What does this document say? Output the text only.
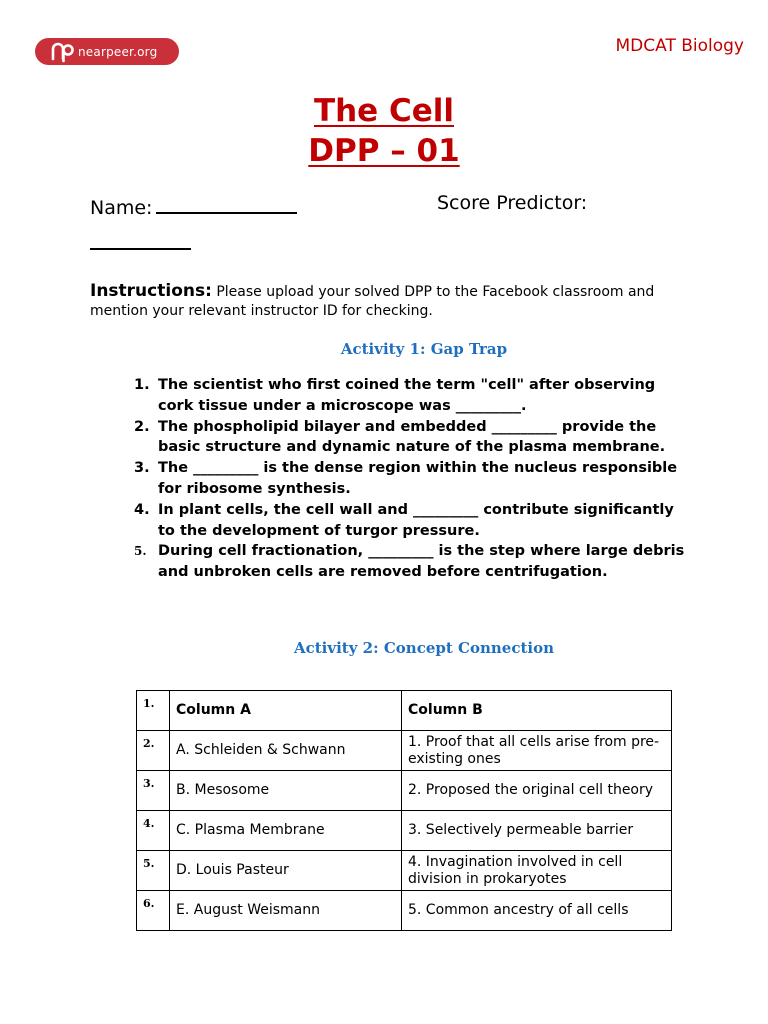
nearpeer.org	MDCAT Biology
The Cell
DPP – 01
Name:	Score Predictor:
Instructions: Please upload your solved DPP to the Facebook classroom and mention your relevant instructor ID for checking.
Activity 1: Gap Trap
1. The scientist who first coined the term "cell" after observing cork tissue under a microscope was _________.
2. The phospholipid bilayer and embedded _________ provide the basic structure and dynamic nature of the plasma membrane.
3. The _________ is the dense region within the nucleus responsible for ribosome synthesis.
4. In plant cells, the cell wall and _________ contribute significantly to the development of turgor pressure.
5. During cell fractionation, _________ is the step where large debris and unbroken cells are removed before centrifugation.
Activity 2: Concept Connection
1.	Column A	Column B
2.	A. Schleiden & Schwann	1. Proof that all cells arise from pre-existing ones
3.	B. Mesosome	2. Proposed the original cell theory
4.	C. Plasma Membrane	3. Selectively permeable barrier
5.	D. Louis Pasteur	4. Invagination involved in cell division in prokaryotes
6.	E. August Weismann	5. Common ancestry of all cells
